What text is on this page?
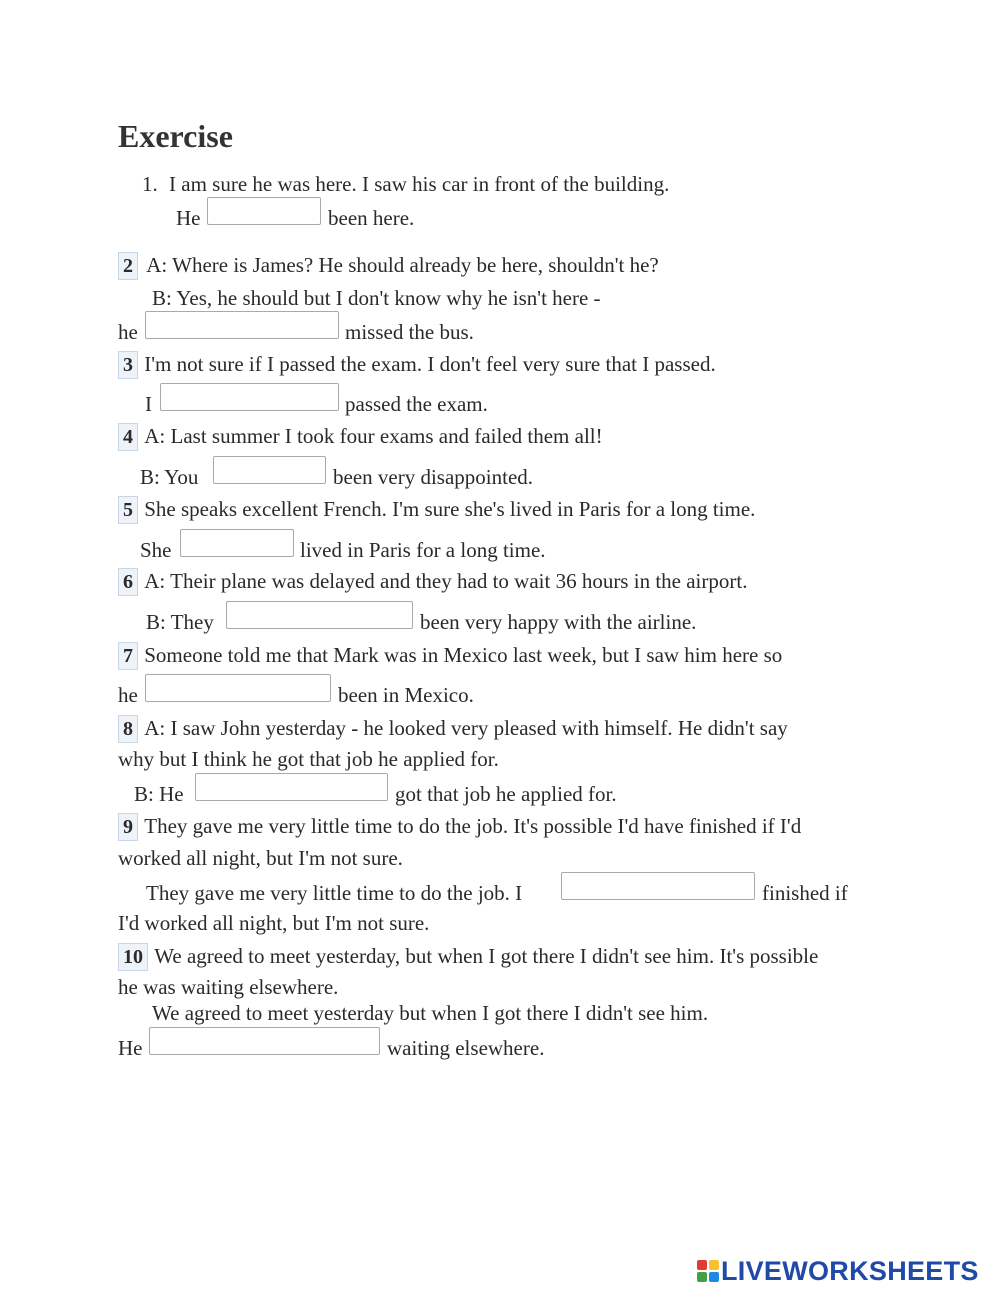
Exercise
1. I am sure he was here. I saw his car in front of the building.
He	been here.
2 A: Where is James? He should already be here, shouldn't he?
B: Yes, he should but I don't know why he isn't here -
he	missed the bus.
3 I'm not sure if I passed the exam. I don't feel very sure that I passed.
I	passed the exam.
4 A: Last summer I took four exams and failed them all!
B: You	been very disappointed.
5 She speaks excellent French. I'm sure she's lived in Paris for a long time.
She	lived in Paris for a long time.
6 A: Their plane was delayed and they had to wait 36 hours in the airport.
B: They	been very happy with the airline.
7 Someone told me that Mark was in Mexico last week, but I saw him here so
he	been in Mexico.
8 A: I saw John yesterday - he looked very pleased with himself. He didn't say
why but I think he got that job he applied for.
B: He	got that job he applied for.
9 They gave me very little time to do the job. It's possible I'd have finished if I'd
worked all night, but I'm not sure.
They gave me very little time to do the job. I	finished if
I'd worked all night, but I'm not sure.
10 We agreed to meet yesterday, but when I got there I didn't see him. It's possible
he was waiting elsewhere.
We agreed to meet yesterday but when I got there I didn't see him.
He	waiting elsewhere.
LIVEWORKSHEETS
